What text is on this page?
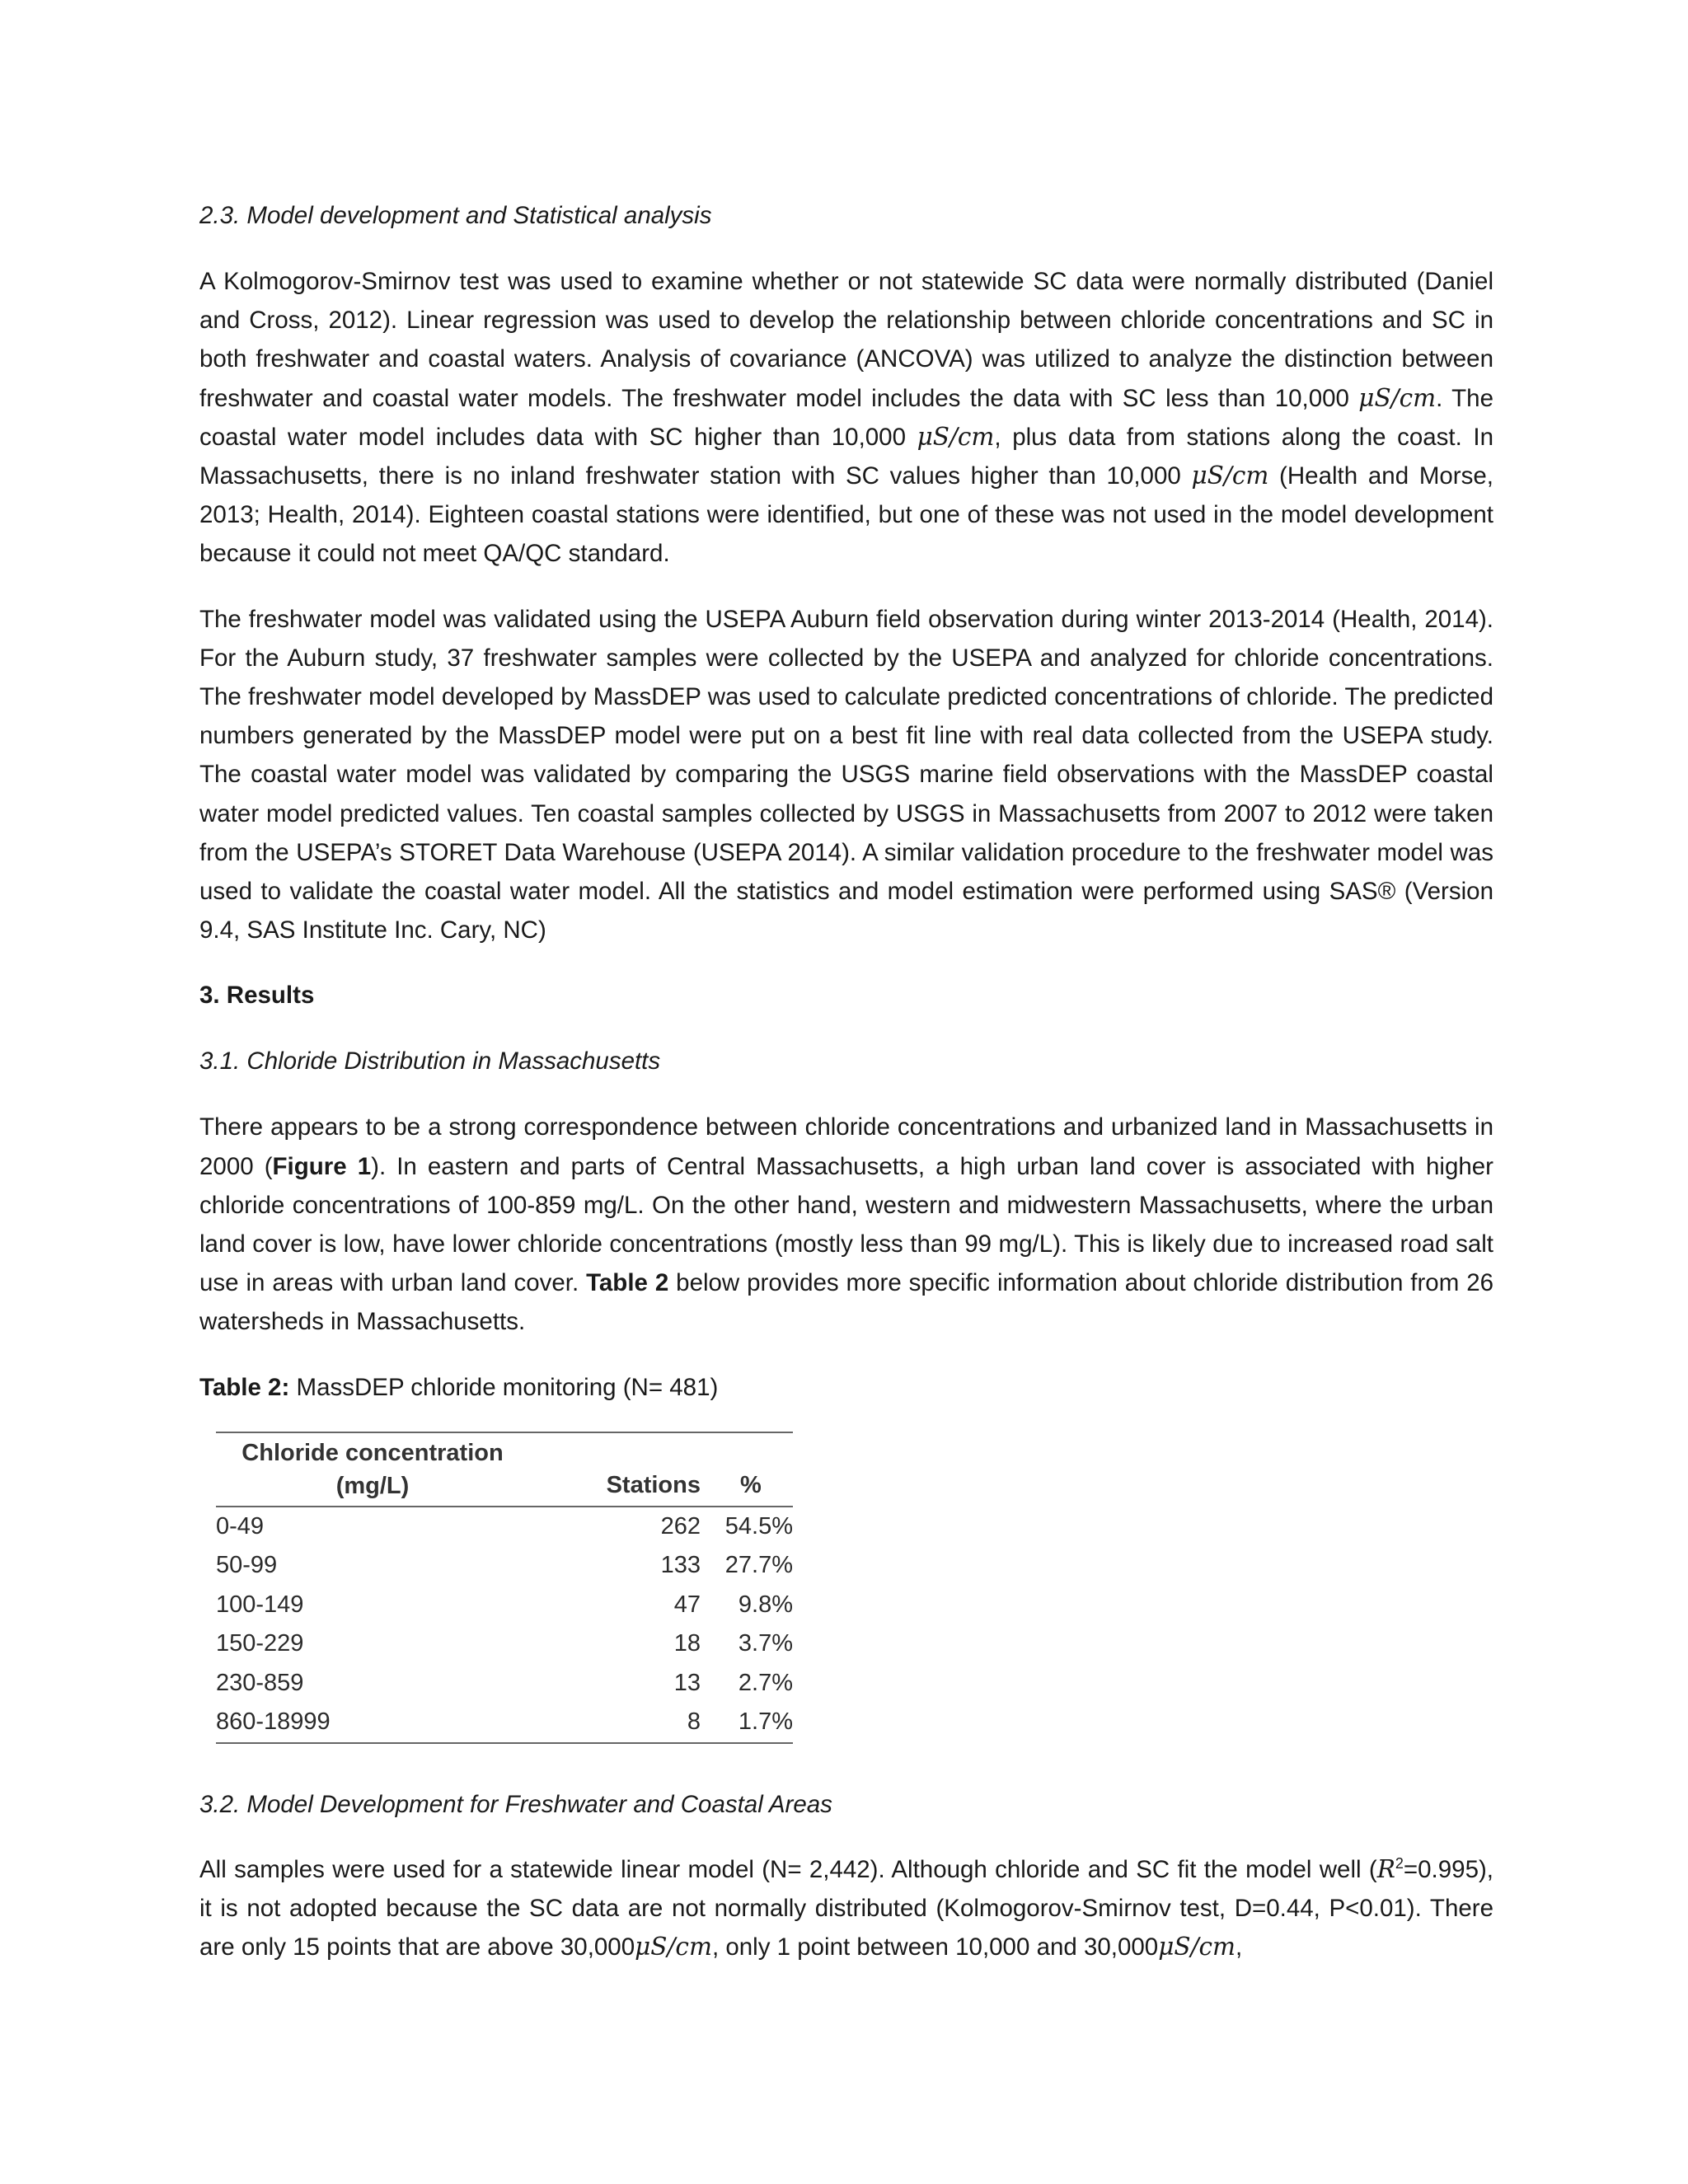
2.3. Model development and Statistical analysis

A Kolmogorov-Smirnov test was used to examine whether or not statewide SC data were normally distributed (Daniel and Cross, 2012). Linear regression was used to develop the relationship between chloride concentrations and SC in both freshwater and coastal waters. Analysis of covariance (ANCOVA) was utilized to analyze the distinction between freshwater and coastal water models. The freshwater model includes the data with SC less than 10,000 μS/cm. The coastal water model includes data with SC higher than 10,000 μS/cm, plus data from stations along the coast. In Massachusetts, there is no inland freshwater station with SC values higher than 10,000 μS/cm (Health and Morse, 2013; Health, 2014). Eighteen coastal stations were identified, but one of these was not used in the model development because it could not meet QA/QC standard.

The freshwater model was validated using the USEPA Auburn field observation during winter 2013-2014 (Health, 2014). For the Auburn study, 37 freshwater samples were collected by the USEPA and analyzed for chloride concentrations. The freshwater model developed by MassDEP was used to calculate predicted concentrations of chloride. The predicted numbers generated by the MassDEP model were put on a best fit line with real data collected from the USEPA study. The coastal water model was validated by comparing the USGS marine field observations with the MassDEP coastal water model predicted values. Ten coastal samples collected by USGS in Massachusetts from 2007 to 2012 were taken from the USEPA’s STORET Data Warehouse (USEPA 2014). A similar validation procedure to the freshwater model was used to validate the coastal water model. All the statistics and model estimation were performed using SAS® (Version 9.4, SAS Institute Inc. Cary, NC)

3. Results

3.1. Chloride Distribution in Massachusetts

There appears to be a strong correspondence between chloride concentrations and urbanized land in Massachusetts in 2000 (Figure 1). In eastern and parts of Central Massachusetts, a high urban land cover is associated with higher chloride concentrations of 100-859 mg/L. On the other hand, western and midwestern Massachusetts, where the urban land cover is low, have lower chloride concentrations (mostly less than 99 mg/L). This is likely due to increased road salt use in areas with urban land cover. Table 2 below provides more specific information about chloride distribution from 26 watersheds in Massachusetts.

Table 2: MassDEP chloride monitoring (N= 481)

Chloride concentration
(mg/L)	Stations	%
0-49	262	54.5%
50-99	133	27.7%
100-149	47	9.8%
150-229	18	3.7%
230-859	13	2.7%
860-18999	8	1.7%

3.2. Model Development for Freshwater and Coastal Areas

All samples were used for a statewide linear model (N= 2,442). Although chloride and SC fit the model well $(R^2=0.995)$, it is not adopted because the SC data are not normally distributed (Kolmogorov-Smirnov test, D=0.44, P<0.01). There are only 15 points that are above 30,000μS/cm, only 1 point between 10,000 and 30,000μS/cm,
